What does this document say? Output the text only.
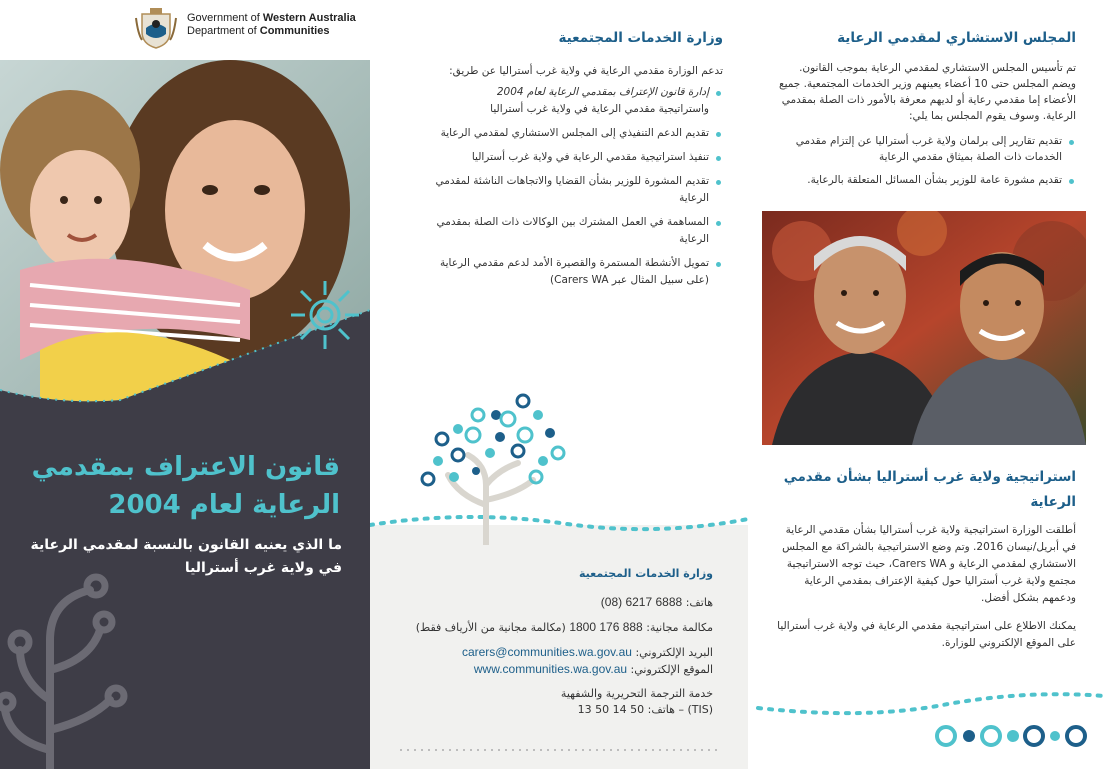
Government of Western Australia
Department of Communities
قانون الاعتراف بمقدمي
الرعاية لعام 2004
ما الذي يعنيه القانون بالنسبة لمقدمي الرعاية في ولاية غرب أستراليا
وزارة الخدمات المجتمعية
تدعم الوزارة مقدمي الرعاية في ولاية غرب أستراليا عن طريق:
إدارة قانون الإعتراف بمقدمي الرعاية لعام 2004
واستراتيجية مقدمي الرعاية في ولاية غرب أستراليا
تقديم الدعم التنفيذي إلى المجلس الاستشاري لمقدمي الرعاية
تنفيذ استراتيجية مقدمي الرعاية في ولاية غرب أستراليا
تقديم المشورة للوزير بشأن القضايا والاتجاهات الناشئة لمقدمي الرعاية
المساهمة في العمل المشترك بين الوكالات ذات الصلة بمقدمي الرعاية
تمويل الأنشطة المستمرة والقصيرة الأمد لدعم مقدمي الرعاية (على سبيل المثال عبر Carers WA)
وزارة الخدمات المجتمعية
هاتف: (08) 6217 6888
مكالمة مجانية: 1800 176 888 (مكالمة مجانية من الأرياف فقط)
البريد الإلكتروني: carers@communities.wa.gov.au
الموقع الإلكتروني: www.communities.wa.gov.au
خدمة الترجمة التحريرية والشفهية
(TIS) – هاتف: 50 14 50 13
المجلس الاستشاري لمقدمي الرعاية
تم تأسيس المجلس الاستشاري لمقدمي الرعاية بموجب القانون. ويضم المجلس حتى 10 أعضاء يعينهم وزير الخدمات المجتمعية. جميع الأعضاء إما مقدمي رعاية أو لديهم معرفة بالأمور ذات الصلة بمقدمي الرعاية. وسوف يقوم المجلس بما يلي:
تقديم تقارير إلى برلمان ولاية غرب أستراليا عن إلتزام مقدمي الخدمات ذات الصلة بميثاق مقدمي الرعاية
تقديم مشورة عامة للوزير بشأن المسائل المتعلقة بالرعاية.
استراتيجية ولاية غرب أستراليا بشأن مقدمي الرعاية
أطلقت الوزارة استراتيجية ولاية غرب أستراليا بشأن مقدمي الرعاية في أبريل/نيسان 2016. وتم وضع الاستراتيجية بالشراكة مع المجلس الاستشاري لمقدمي الرعاية و Carers WA، حيث توجه الاستراتيجية مجتمع ولاية غرب أستراليا حول كيفية الإعتراف بمقدمي الرعاية ودعمهم بشكل أفضل.
يمكنك الاطلاع على استراتيجية مقدمي الرعاية في ولاية غرب أستراليا على الموقع الإلكتروني للوزارة.
